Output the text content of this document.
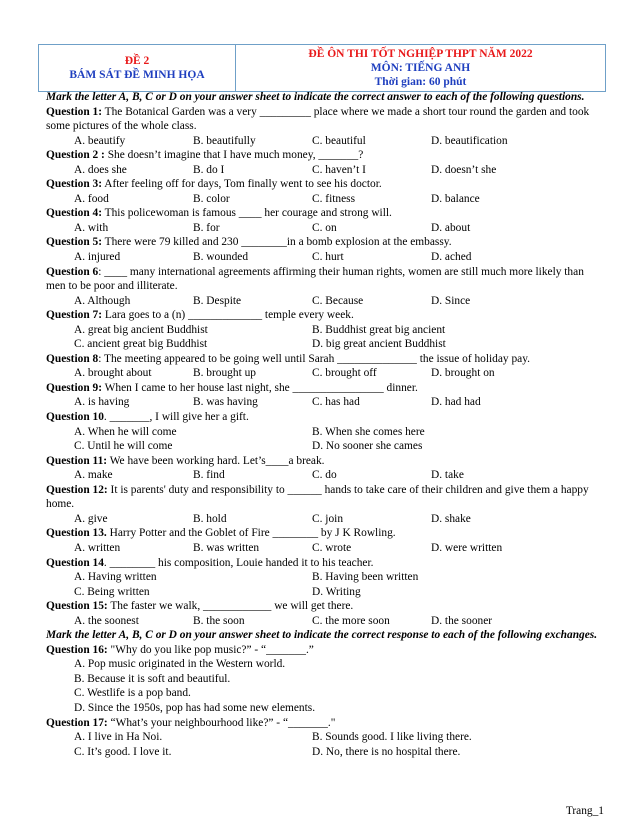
ĐỀ 2
BÁM SÁT ĐỀ MINH HỌA
ĐỀ ÔN THI TỐT NGHIỆP THPT NĂM 2022
MÔN: TIẾNG ANH
Thời gian: 60 phút
Mark the letter A, B, C or D on your answer sheet to indicate the correct answer to each of the following questions.
Question 1: The Botanical Garden was a very _________ place where we made a short tour round the garden and took some pictures of the whole class.
A. beautify	B. beautifully	C. beautiful	D. beautification
Question 2 : She doesn’t imagine that I have much money, _______?
A. does she	B. do I	C. haven’t I	D. doesn’t she
Question 3: After feeling off for days, Tom finally went to see his doctor.
A. food	B. color	C. fitness	D. balance
Question 4: This policewoman is famous ____ her courage and strong will.
A. with	B. for	C. on	D. about
Question 5: There were 79 killed and 230 ________in a bomb explosion at the embassy.
A. injured	B. wounded	C. hurt	D. ached
Question 6: ____ many international agreements affirming their human rights, women are still much more likely than men to be poor and illiterate.
A. Although	B. Despite	C. Because	D. Since
Question 7: Lara goes to a (n) _____________ temple every week.
A. great big ancient Buddhist	B. Buddhist great big ancient
C. ancient great big Buddhist	D. big great ancient Buddhist
Question 8: The meeting appeared to be going well until Sarah ______________ the issue of holiday pay.
A. brought about	B. brought up	C. brought off	D. brought on
Question 9: When I came to her house last night, she ________________ dinner.
A. is having	B. was having	C. has had	D. had had
Question 10. _______, I will give her a gift.
A. When he will come	B. When she comes here
C. Until he will come	D. No sooner she cames
Question 11: We have been working hard. Let’s____a break.
A. make	B. find	C. do	D. take
Question 12: It is parents' duty and responsibility to ______ hands to take care of their children and give them a happy home.
A. give	B. hold	C. join	D. shake
Question 13. Harry Potter and the Goblet of Fire ________ by J K Rowling.
A. written	B. was written	C. wrote	D. were written
Question 14. ________ his composition, Louie handed it to his teacher.
A. Having written	B. Having been written
C. Being written	D. Writing
Question 15: The faster we walk, ____________ we will get there.
A. the soonest	B. the soon	C. the more soon	D. the sooner
Mark the letter A, B, C or D on your answer sheet to indicate the correct response to each of the following exchanges.
Question 16: "Why do you like pop music?” - “_______.”
A. Pop music originated in the Western world.
B. Because it is soft and beautiful.
C. Westlife is a pop band.
D. Since the 1950s, pop has had some new elements.
Question 17: “What’s your neighbourhood like?” - “_______."
A. I live in Ha Noi.	B. Sounds good. I like living there.
C. It’s good. I love it.	D. No, there is no hospital there.
Trang_1
